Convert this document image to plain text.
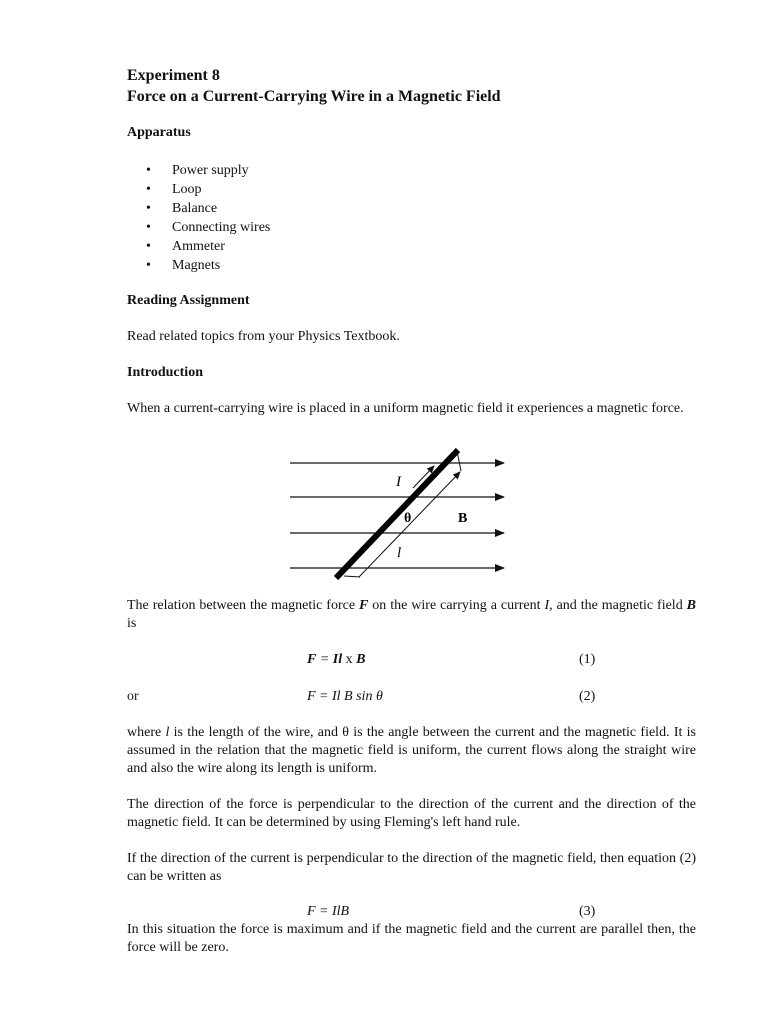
Experiment 8
Force on a Current-Carrying Wire in a Magnetic Field
Apparatus
• Power supply
• Loop
• Balance
• Connecting wires
• Ammeter
• Magnets
Reading Assignment
Read related topics from your Physics Textbook.
Introduction
When a current-carrying wire is placed in a uniform magnetic field it experiences a magnetic force.
I
θ	B
l
The relation between the magnetic force F on the wire carrying a current I, and the magnetic field B is
F = Il x B	(1)
or	F = Il B sin θ	(2)
where l is the length of the wire, and θ is the angle between the current and the magnetic field. It is assumed in the relation that the magnetic field is uniform, the current flows along the straight wire and also the wire along its length is uniform.
The direction of the force is perpendicular to the direction of the current and the direction of the magnetic field. It can be determined by using Fleming's left hand rule.
If the direction of the current is perpendicular to the direction of the magnetic field, then equation (2) can be written as
F = IlB	(3)
In this situation the force is maximum and if the magnetic field and the current are parallel then, the force will be zero.
